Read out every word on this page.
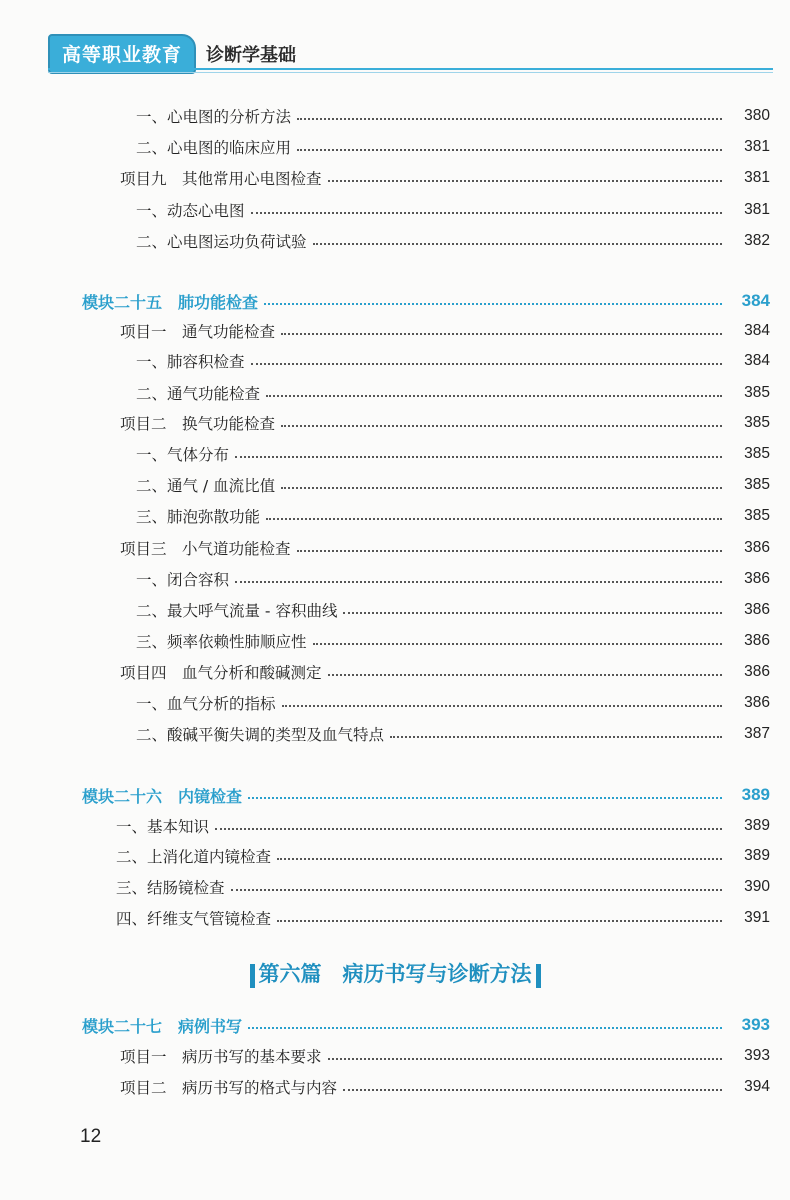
高等职业教育	诊断学基础
一、心电图的分析方法	380
二、心电图的临床应用	381
项目九　其他常用心电图检查	381
一、动态心电图	381
二、心电图运功负荷试验	382
模块二十五　肺功能检查	384
项目一　通气功能检查	384
一、肺容积检查	384
二、通气功能检查	385
项目二　换气功能检查	385
一、气体分布	385
二、通气 / 血流比值	385
三、肺泡弥散功能	385
项目三　小气道功能检查	386
一、闭合容积	386
二、最大呼气流量 - 容积曲线	386
三、频率依赖性肺顺应性	386
项目四　血气分析和酸碱测定	386
一、血气分析的指标	386
二、酸碱平衡失调的类型及血气特点	387
模块二十六　内镜检查	389
一、基本知识	389
二、上消化道内镜检查	389
三、结肠镜检查	390
四、纤维支气管镜检查	391
模块二十七　病例书写	393
项目一　病历书写的基本要求	393
项目二　病历书写的格式与内容	394
第六篇　病历书写与诊断方法
12
